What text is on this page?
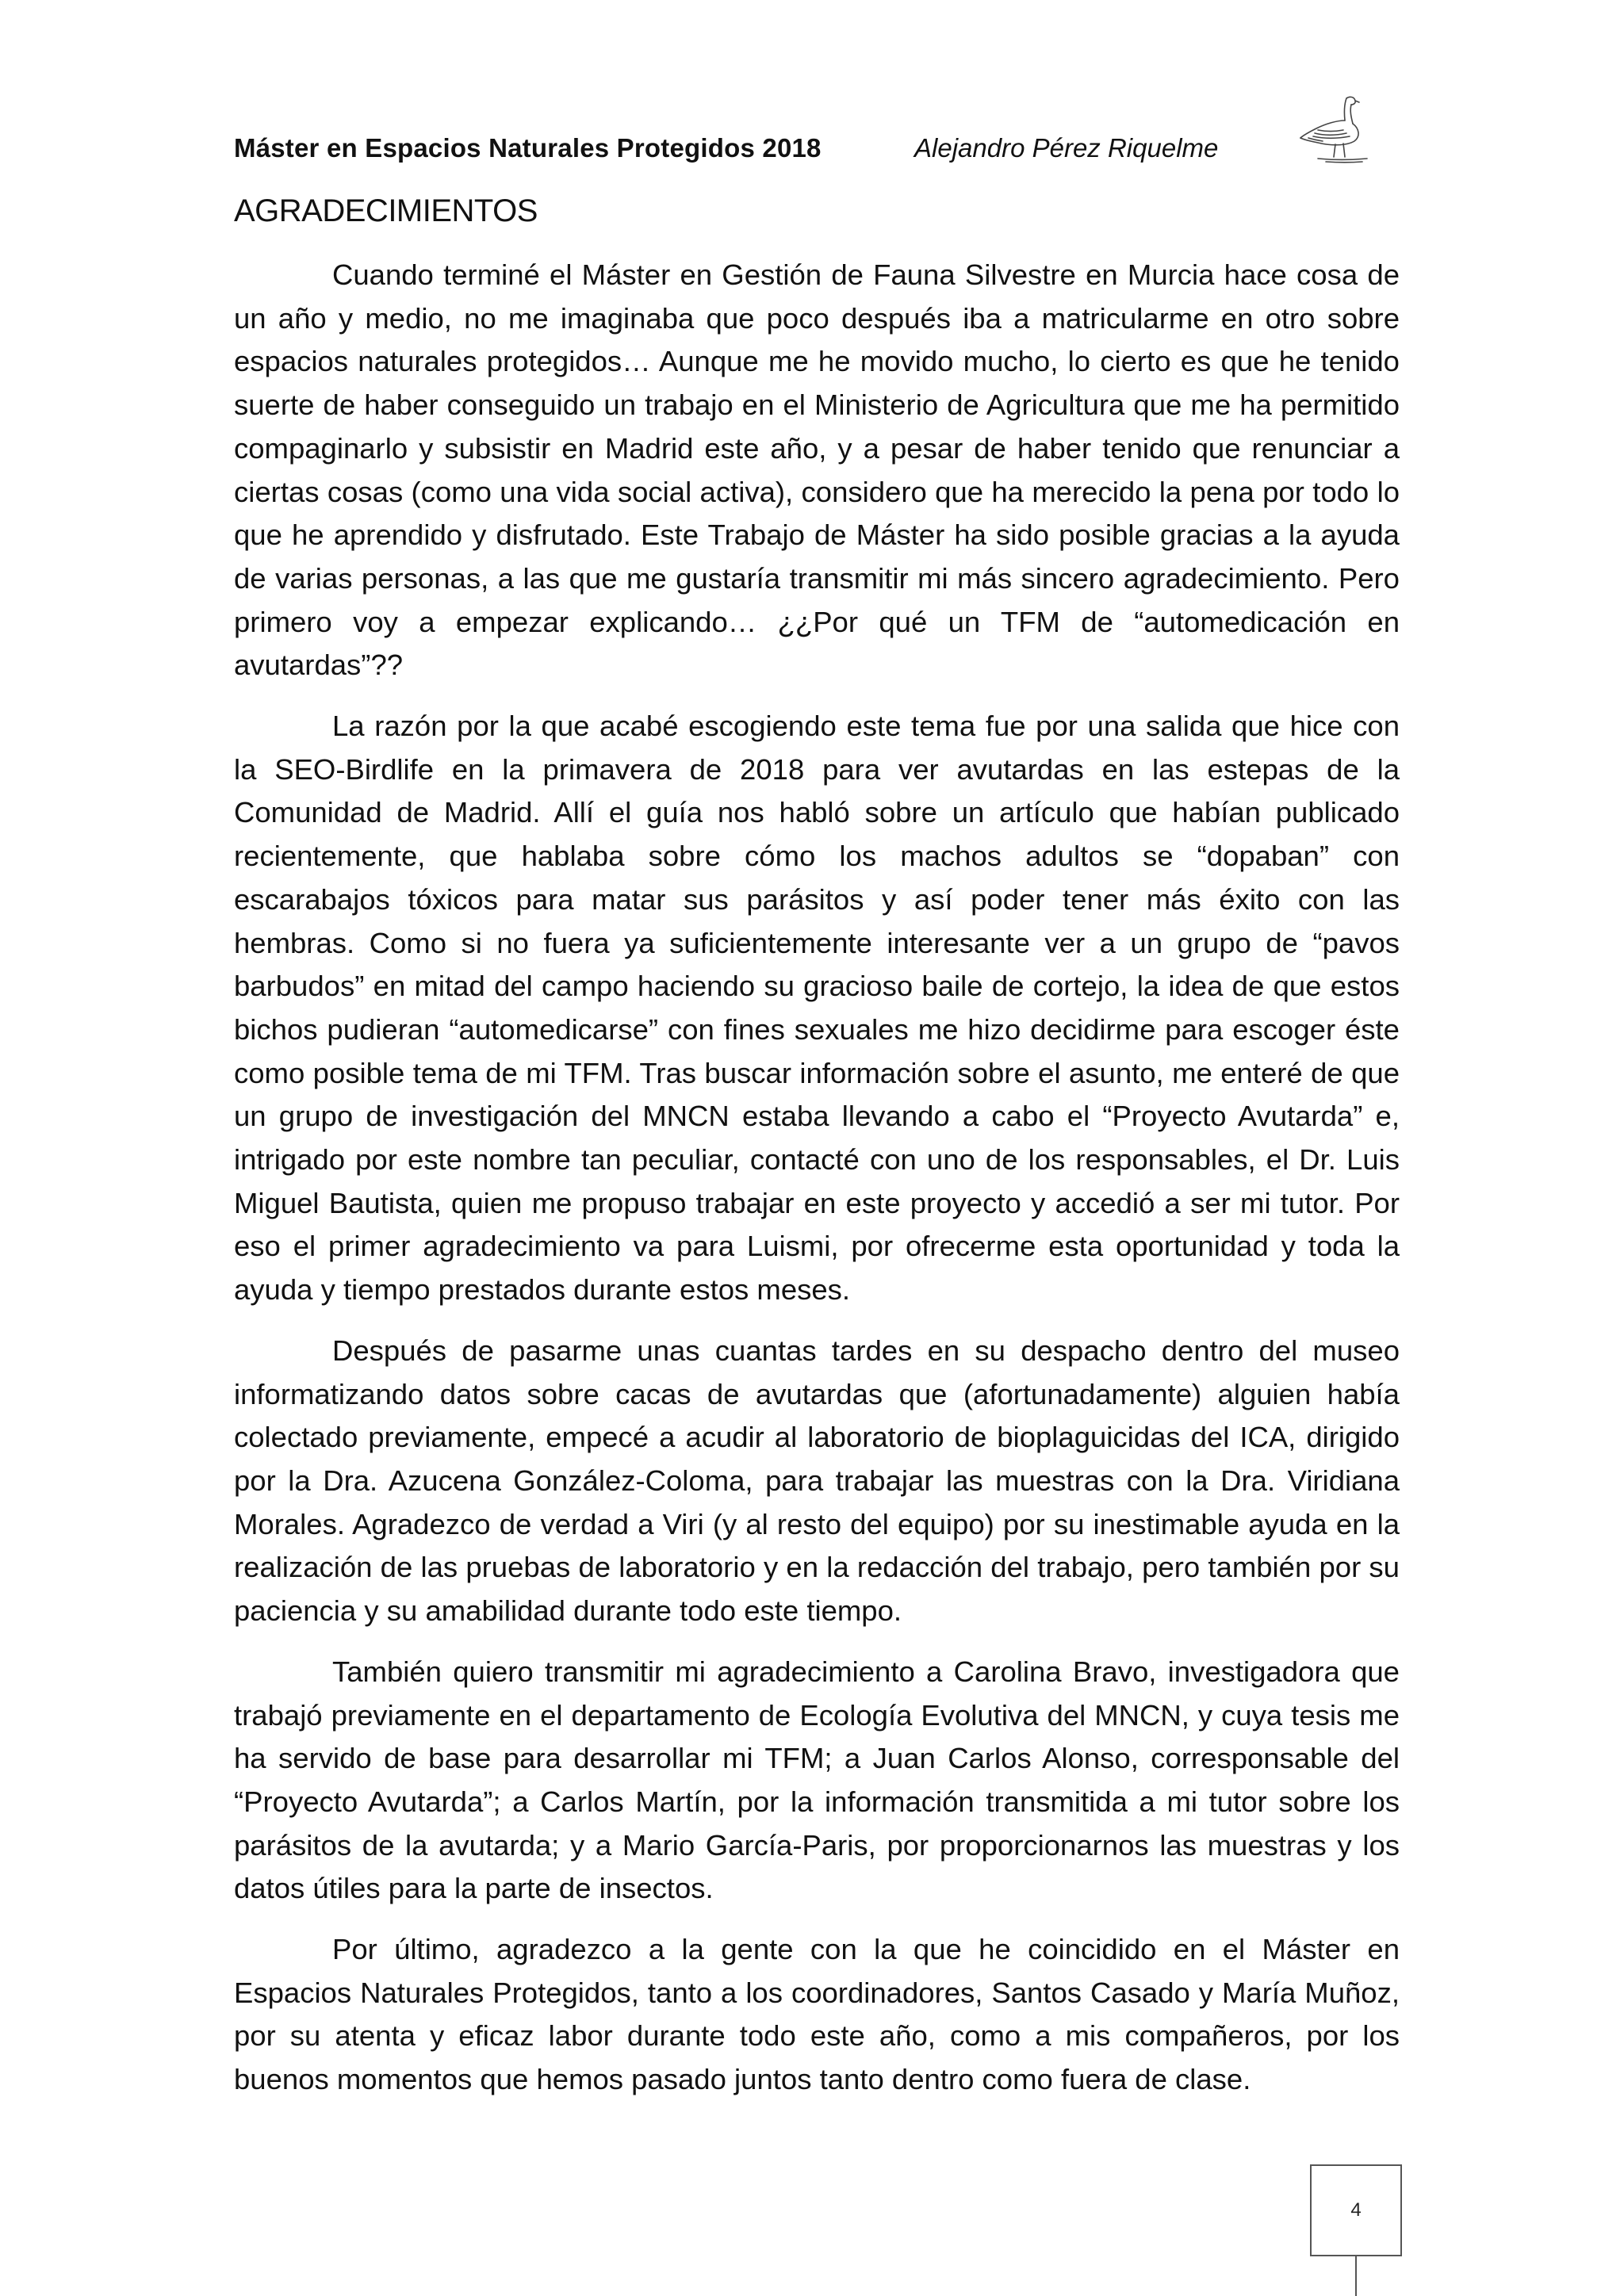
Máster en Espacios Naturales Protegidos 2018	Alejandro Pérez Riquelme
AGRADECIMIENTOS

Cuando terminé el Máster en Gestión de Fauna Silvestre en Murcia hace cosa de un año y medio, no me imaginaba que poco después iba a matricularme en otro sobre espacios naturales protegidos… Aunque me he movido mucho, lo cierto es que he tenido suerte de haber conseguido un trabajo en el Ministerio de Agricultura que me ha permitido compaginarlo y subsistir en Madrid este año, y a pesar de haber tenido que renunciar a ciertas cosas (como una vida social activa), considero que ha merecido la pena por todo lo que he aprendido y disfrutado. Este Trabajo de Máster ha sido posible gracias a la ayuda de varias personas, a las que me gustaría transmitir mi más sincero agradecimiento. Pero primero voy a empezar explicando… ¿¿Por qué un TFM de “automedicación en avutardas”??

La razón por la que acabé escogiendo este tema fue por una salida que hice con la SEO-Birdlife en la primavera de 2018 para ver avutardas en las estepas de la Comunidad de Madrid. Allí el guía nos habló sobre un artículo que habían publicado recientemente, que hablaba sobre cómo los machos adultos se “dopaban” con escarabajos tóxicos para matar sus parásitos y así poder tener más éxito con las hembras. Como si no fuera ya suficientemente interesante ver a un grupo de “pavos barbudos” en mitad del campo haciendo su gracioso baile de cortejo, la idea de que estos bichos pudieran “automedicarse” con fines sexuales me hizo decidirme para escoger éste como posible tema de mi TFM. Tras buscar información sobre el asunto, me enteré de que un grupo de investigación del MNCN estaba llevando a cabo el “Proyecto Avutarda” e, intrigado por este nombre tan peculiar, contacté con uno de los responsables, el Dr. Luis Miguel Bautista, quien me propuso trabajar en este proyecto y accedió a ser mi tutor. Por eso el primer agradecimiento va para Luismi, por ofrecerme esta oportunidad y toda la ayuda y tiempo prestados durante estos meses.

Después de pasarme unas cuantas tardes en su despacho dentro del museo informatizando datos sobre cacas de avutardas que (afortunadamente) alguien había colectado previamente, empecé a acudir al laboratorio de bioplaguicidas del ICA, dirigido por la Dra. Azucena González-Coloma, para trabajar las muestras con la Dra. Viridiana Morales. Agradezco de verdad a Viri (y al resto del equipo) por su inestimable ayuda en la realización de las pruebas de laboratorio y en la redacción del trabajo, pero también por su paciencia y su amabilidad durante todo este tiempo.

También quiero transmitir mi agradecimiento a Carolina Bravo, investigadora que trabajó previamente en el departamento de Ecología Evolutiva del MNCN, y cuya tesis me ha servido de base para desarrollar mi TFM; a Juan Carlos Alonso, corresponsable del “Proyecto Avutarda”; a Carlos Martín, por la información transmitida a mi tutor sobre los parásitos de la avutarda; y a Mario García-Paris, por proporcionarnos las muestras y los datos útiles para la parte de insectos.

Por último, agradezco a la gente con la que he coincidido en el Máster en Espacios Naturales Protegidos, tanto a los coordinadores, Santos Casado y María Muñoz, por su atenta y eficaz labor durante todo este año, como a mis compañeros, por los buenos momentos que hemos pasado juntos tanto dentro como fuera de clase.

4
